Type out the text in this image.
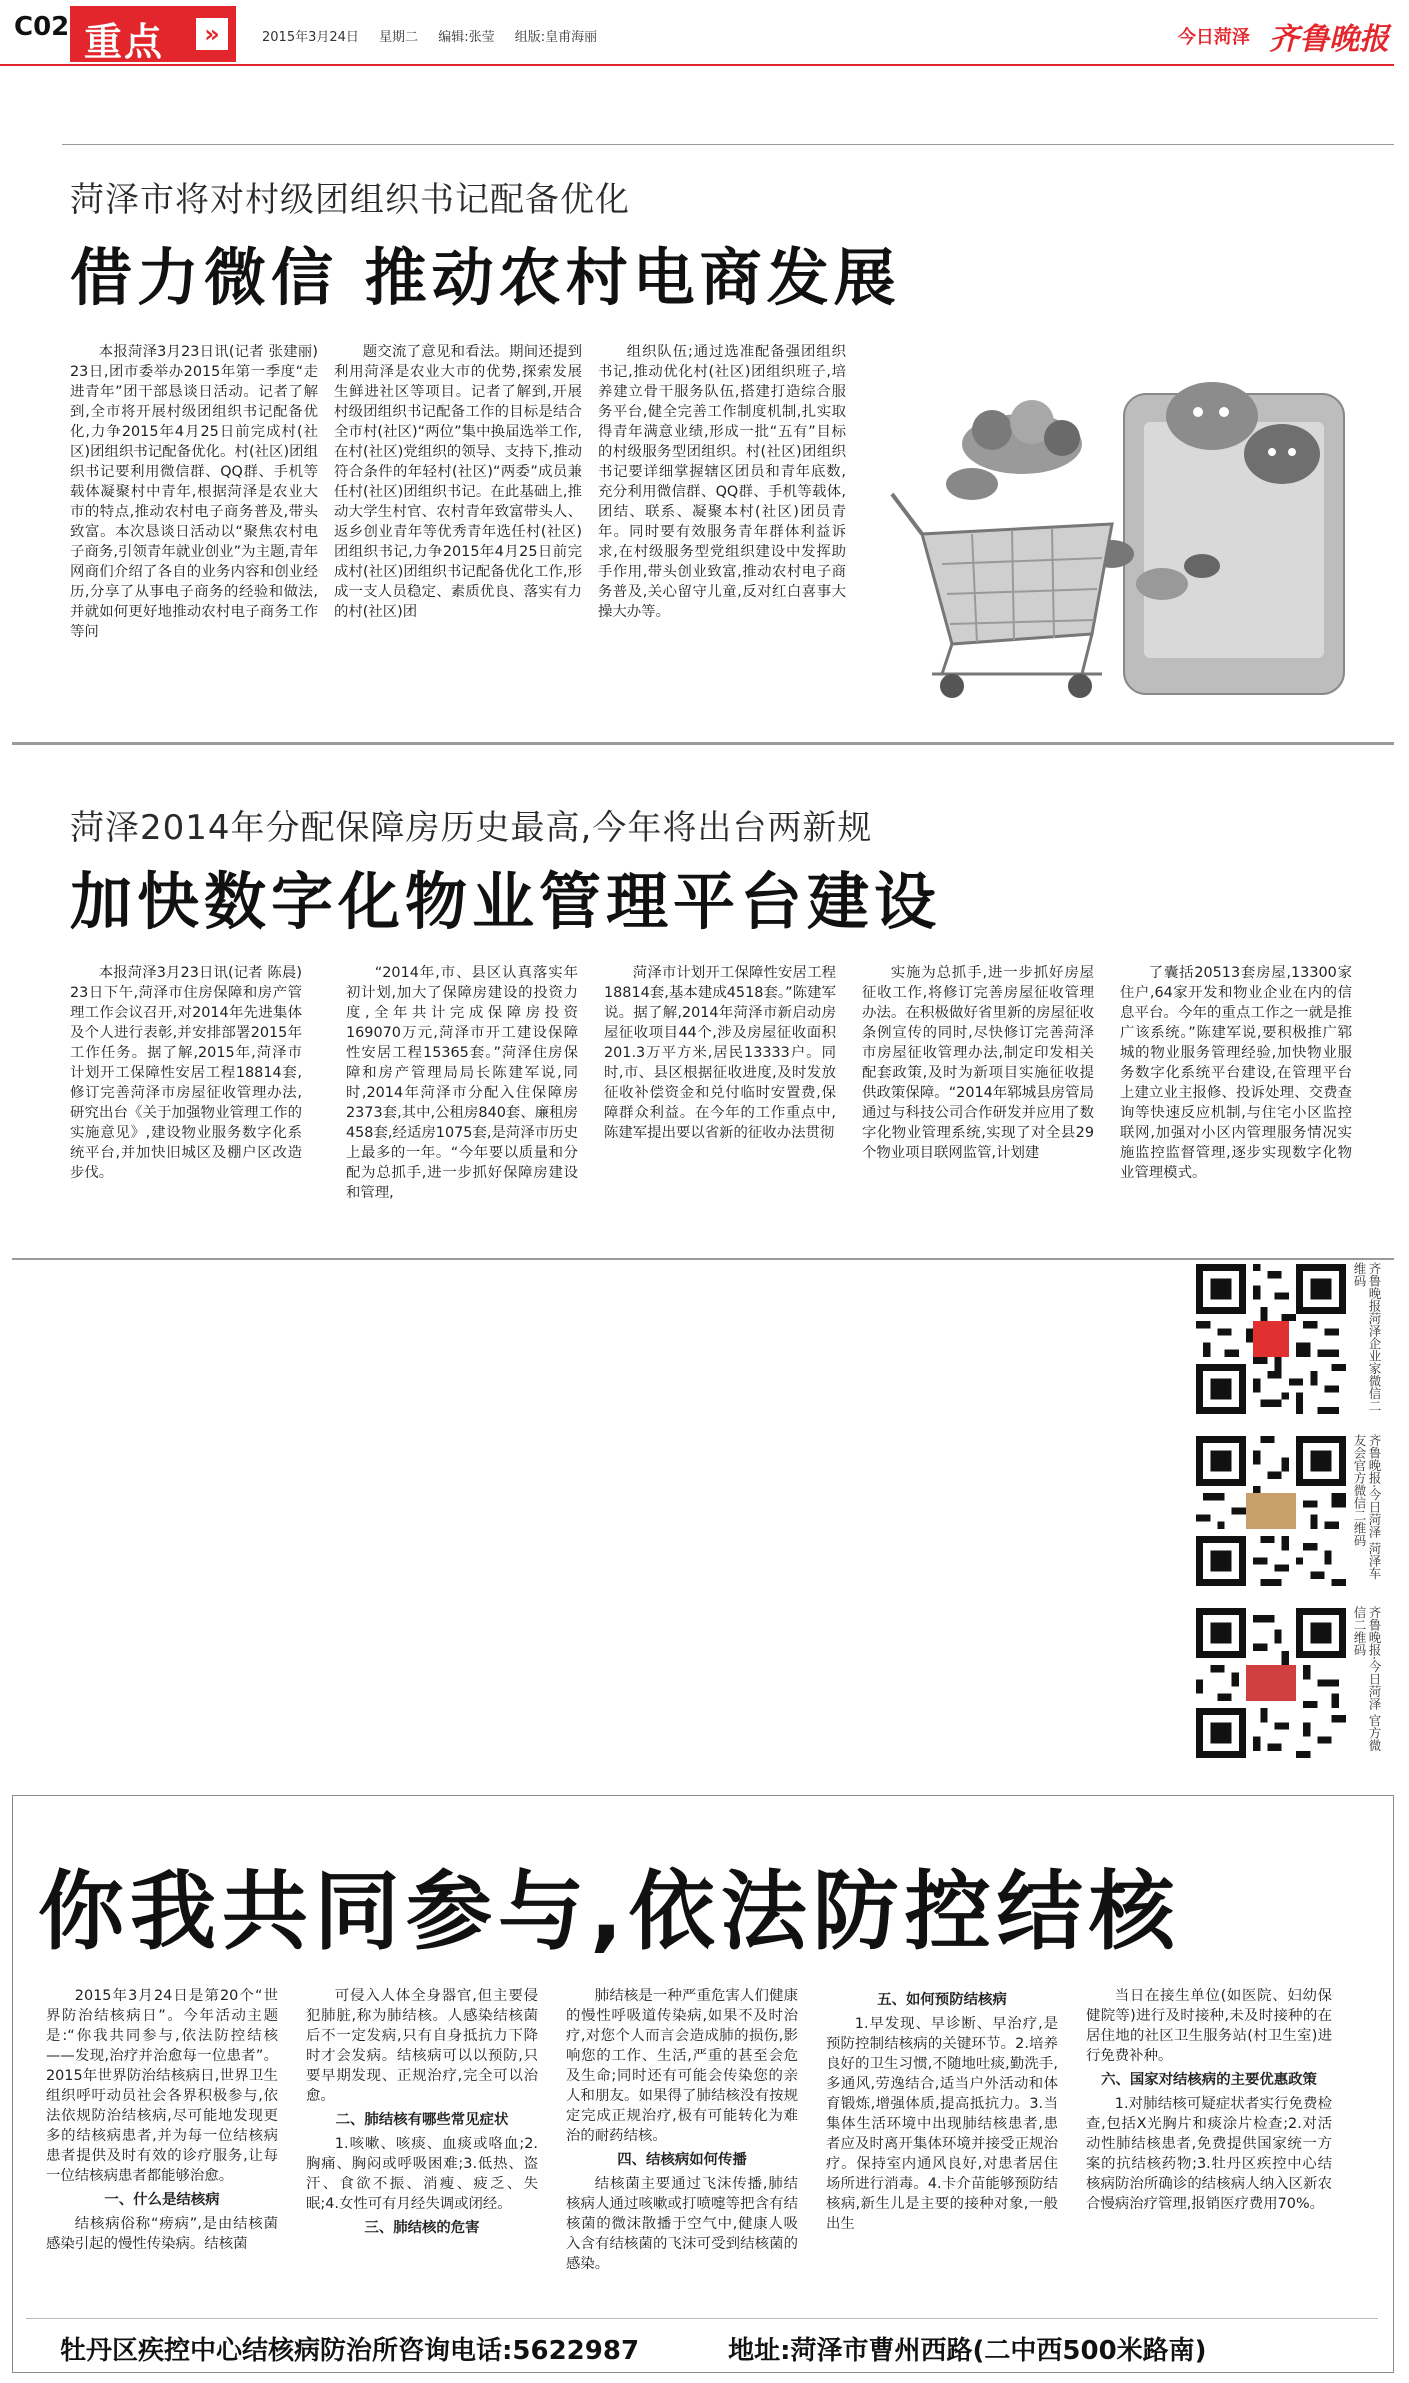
C02 重点	»	2015年3月24日 星期二 编辑:张莹 组版:皇甫海丽	今日菏泽 齐鲁晚报
菏泽市将对村级团组织书记配备优化
借力微信 推动农村电商发展

本报菏泽3月23日讯(记者 张建丽) 23日,团市委举办2015年第一季度“走进青年”团干部恳谈日活动。记者了解到,全市将开展村级团组织书记配备优化,力争2015年4月25日前完成村(社区)团组织书记配备优化。村(社区)团组织书记要利用微信群、QQ群、手机等载体凝聚村中青年,根据菏泽是农业大市的特点,推动农村电子商务普及,带头致富。本次恳谈日活动以“聚焦农村电子商务,引领青年就业创业”为主题,青年网商们介绍了各自的业务内容和创业经历,分享了从事电子商务的经验和做法,并就如何更好地推动农村电子商务工作等问

题交流了意见和看法。期间还提到利用菏泽是农业大市的优势,探索发展生鲜进社区等项目。记者了解到,开展村级团组织书记配备工作的目标是结合全市村(社区)“两位”集中换届选举工作,在村(社区)党组织的领导、支持下,推动符合条件的年轻村(社区)“两委”成员兼任村(社区)团组织书记。在此基础上,推动大学生村官、农村青年致富带头人、返乡创业青年等优秀青年选任村(社区)团组织书记,力争2015年4月25日前完成村(社区)团组织书记配备优化工作,形成一支人员稳定、素质优良、落实有力的村(社区)团

组织队伍;通过选准配备强团组织书记,推动优化村(社区)团组织班子,培养建立骨干服务队伍,搭建打造综合服务平台,健全完善工作制度机制,扎实取得青年满意业绩,形成一批“五有”目标的村级服务型团组织。村(社区)团组织书记要详细掌握辖区团员和青年底数,充分利用微信群、QQ群、手机等载体,团结、联系、凝聚本村(社区)团员青年。同时要有效服务青年群体利益诉求,在村级服务型党组织建设中发挥助手作用,带头创业致富,推动农村电子商务普及,关心留守儿童,反对红白喜事大操大办等。

菏泽2014年分配保障房历史最高,今年将出台两新规
加快数字化物业管理平台建设

本报菏泽3月23日讯(记者 陈晨) 23日下午,菏泽市住房保障和房产管理工作会议召开,对2014年先进集体及个人进行表彰,并安排部署2015年工作任务。据了解,2015年,菏泽市计划开工保障性安居工程18814套,修订完善菏泽市房屋征收管理办法,研究出台《关于加强物业管理工作的实施意见》,建设物业服务数字化系统平台,并加快旧城区及棚户区改造步伐。

“2014年,市、县区认真落实年初计划,加大了保障房建设的投资力度,全年共计完成保障房投资169070万元,菏泽市开工建设保障性安居工程15365套。”菏泽住房保障和房产管理局局长陈建军说,同时,2014年菏泽市分配入住保障房2373套,其中,公租房840套、廉租房458套,经适房1075套,是菏泽市历史上最多的一年。“今年要以质量和分配为总抓手,进一步抓好保障房建设和管理,

菏泽市计划开工保障性安居工程18814套,基本建成4518套。”陈建军说。据了解,2014年菏泽市新启动房屋征收项目44个,涉及房屋征收面积201.3万平方米,居民13333户。同时,市、县区根据征收进度,及时发放征收补偿资金和兑付临时安置费,保障群众利益。在今年的工作重点中,陈建军提出要以省新的征收办法贯彻

实施为总抓手,进一步抓好房屋征收工作,将修订完善房屋征收管理办法。在积极做好省里新的房屋征收条例宣传的同时,尽快修订完善菏泽市房屋征收管理办法,制定印发相关配套政策,及时为新项目实施征收提供政策保障。“2014年郓城县房管局通过与科技公司合作研发并应用了数字化物业管理系统,实现了对全县29个物业项目联网监管,计划建

了囊括20513套房屋,13300家住户,64家开发和物业企业在内的信息平台。今年的重点工作之一就是推广该系统。”陈建军说,要积极推广郓城的物业服务管理经验,加快物业服务数字化系统平台建设,在管理平台上建立业主报修、投诉处理、交费查询等快速反应机制,与住宅小区监控联网,加强对小区内管理服务情况实施监控监督管理,逐步实现数字化物业管理模式。

齐鲁晚报菏泽企业家微信二维码
齐鲁晚报·今日菏泽 菏泽车友会官方微信二维码
齐鲁晚报·今日菏泽 官方微信二维码
你我共同参与,依法防控结核

2015年3月24日是第20个“世界防治结核病日”。今年活动主题是:“你我共同参与,依法防控结核——发现,治疗并治愈每一位患者”。2015年世界防治结核病日,世界卫生组织呼吁动员社会各界积极参与,依法依规防治结核病,尽可能地发现更多的结核病患者,并为每一位结核病患者提供及时有效的诊疗服务,让每一位结核病患者都能够治愈。

一、什么是结核病

结核病俗称“痨病”,是由结核菌感染引起的慢性传染病。结核菌

可侵入人体全身器官,但主要侵犯肺脏,称为肺结核。人感染结核菌后不一定发病,只有自身抵抗力下降时才会发病。结核病可以以预防,只要早期发现、正规治疗,完全可以治愈。

二、肺结核有哪些常见症状

1.咳嗽、咳痰、血痰或咯血;2.胸痛、胸闷或呼吸困难;3.低热、盗汗、食欲不振、消瘦、疲乏、失眠;4.女性可有月经失调或闭经。

三、肺结核的危害

肺结核是一种严重危害人们健康的慢性呼吸道传染病,如果不及时治疗,对您个人而言会造成肺的损伤,影响您的工作、生活,严重的甚至会危及生命;同时还有可能会传染您的亲人和朋友。如果得了肺结核没有按规定完成正规治疗,极有可能转化为难治的耐药结核。

四、结核病如何传播

结核菌主要通过飞沫传播,肺结核病人通过咳嗽或打喷嚏等把含有结核菌的微沫散播于空气中,健康人吸入含有结核菌的飞沫可受到结核菌的感染。

五、如何预防结核病

1.早发现、早诊断、早治疗,是预防控制结核病的关键环节。2.培养良好的卫生习惯,不随地吐痰,勤洗手,多通风,劳逸结合,适当户外活动和体育锻炼,增强体质,提高抵抗力。3.当集体生活环境中出现肺结核患者,患者应及时离开集体环境并接受正规治疗。保持室内通风良好,对患者居住场所进行消毒。4.卡介苗能够预防结核病,新生儿是主要的接种对象,一般出生

当日在接生单位(如医院、妇幼保健院等)进行及时接种,未及时接种的在居住地的社区卫生服务站(村卫生室)进行免费补种。

六、国家对结核病的主要优惠政策

1.对肺结核可疑症状者实行免费检查,包括X光胸片和痰涂片检查;2.对活动性肺结核患者,免费提供国家统一方案的抗结核药物;3.牡丹区疾控中心结核病防治所确诊的结核病人纳入区新农合慢病治疗管理,报销医疗费用70%。

牡丹区疾控中心结核病防治所咨询电话:5622987	地址:菏泽市曹州西路(二中西500米路南)
